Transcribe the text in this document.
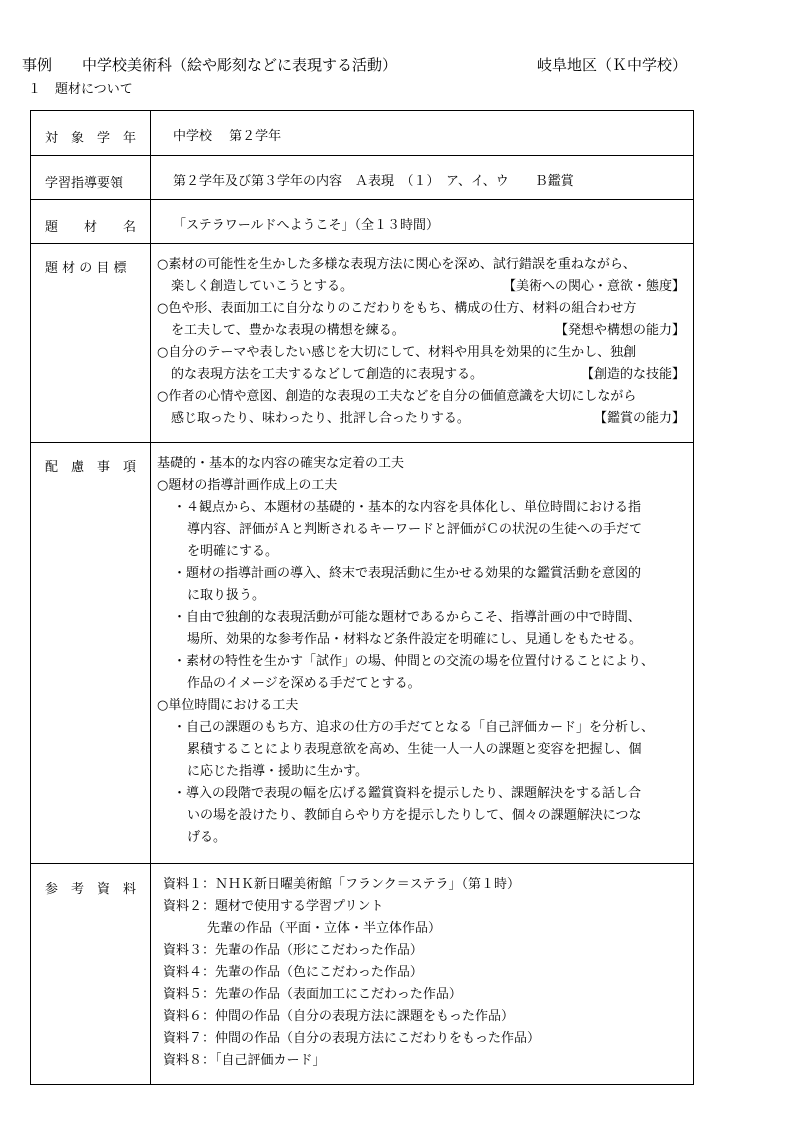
事例 中学校美術科（絵や彫刻などに表現する活動）	岐阜地区（Ｋ中学校）
１ 題材について
対　象　学　年	中学校　 第２学年
学習指導要領	第２学年及び第３学年の内容　Ａ表現　（１）　ア、イ、ウ　　Ｂ鑑賞
題　　材　　名	「ステラワールドへようこそ」（全１３時間）
題 材 の 目 標	○素材の可能性を生かした多様な表現方法に関心を深め、試行錯誤を重ねながら、
楽しく創造していこうとする。	【美術への関心・意欲・態度】
○色や形、表面加工に自分なりのこだわりをもち、構成の仕方、材料の組合わせ方
を工夫して、豊かな表現の構想を練る。	【発想や構想の能力】
○自分のテーマや表したい感じを大切にして、材料や用具を効果的に生かし、独創
的な表現方法を工夫するなどして創造的に表現する。	【創造的な技能】
○作者の心情や意図、創造的な表現の工夫などを自分の価値意識を大切にしながら
感じ取ったり、味わったり、批評し合ったりする。	【鑑賞の能力】
配　慮　事　項	基礎的・基本的な内容の確実な定着の工夫
○題材の指導計画作成上の工夫
・４観点から、本題材の基礎的・基本的な内容を具体化し、単位時間における指
導内容、評価がＡと判断されるキーワードと評価がＣの状況の生徒への手だて
を明確にする。
・題材の指導計画の導入、終末で表現活動に生かせる効果的な鑑賞活動を意図的
に取り扱う。
・自由で独創的な表現活動が可能な題材であるからこそ、指導計画の中で時間、
場所、効果的な参考作品・材料など条件設定を明確にし、見通しをもたせる。
・素材の特性を生かす「試作」の場、仲間との交流の場を位置付けることにより、
作品のイメージを深める手だてとする。
○単位時間における工夫
・自己の課題のもち方、追求の仕方の手だてとなる「自己評価カード」を分析し、
累積することにより表現意欲を高め、生徒一人一人の課題と変容を把握し、個
に応じた指導・援助に生かす。
・導入の段階で表現の幅を広げる鑑賞資料を提示したり、課題解決をする話し合
いの場を設けたり、教師自らやり方を提示したりして、個々の課題解決につな
げる。
参　考　資　料	資料１：ＮＨＫ新日曜美術館「フランク＝ステラ」（第１時）
資料２：題材で使用する学習プリント
先輩の作品（平面・立体・半立体作品）
資料３：先輩の作品（形にこだわった作品）
資料４：先輩の作品（色にこだわった作品）
資料５：先輩の作品（表面加工にこだわった作品）
資料６：仲間の作品（自分の表現方法に課題をもった作品）
資料７：仲間の作品（自分の表現方法にこだわりをもった作品）
資料８：「自己評価カード」
